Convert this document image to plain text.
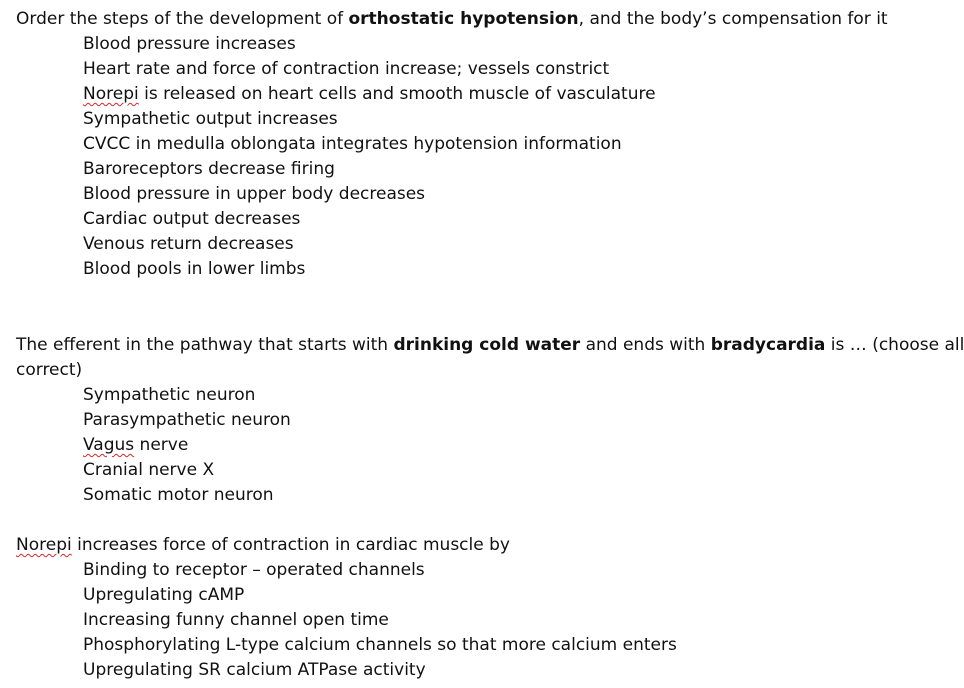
Order the steps of the development of orthostatic hypotension, and the body’s compensation for it
Blood pressure increases
Heart rate and force of contraction increase; vessels constrict
Norepi is released on heart cells and smooth muscle of vasculature
Sympathetic output increases
CVCC in medulla oblongata integrates hypotension information
Baroreceptors decrease firing
Blood pressure in upper body decreases
Cardiac output decreases
Venous return decreases
Blood pools in lower limbs
The efferent in the pathway that starts with drinking cold water and ends with bradycardia is … (choose all
correct)
Sympathetic neuron
Parasympathetic neuron
Vagus nerve
Cranial nerve X
Somatic motor neuron
Norepi increases force of contraction in cardiac muscle by
Binding to receptor – operated channels
Upregulating cAMP
Increasing funny channel open time
Phosphorylating L-type calcium channels so that more calcium enters
Upregulating SR calcium ATPase activity
